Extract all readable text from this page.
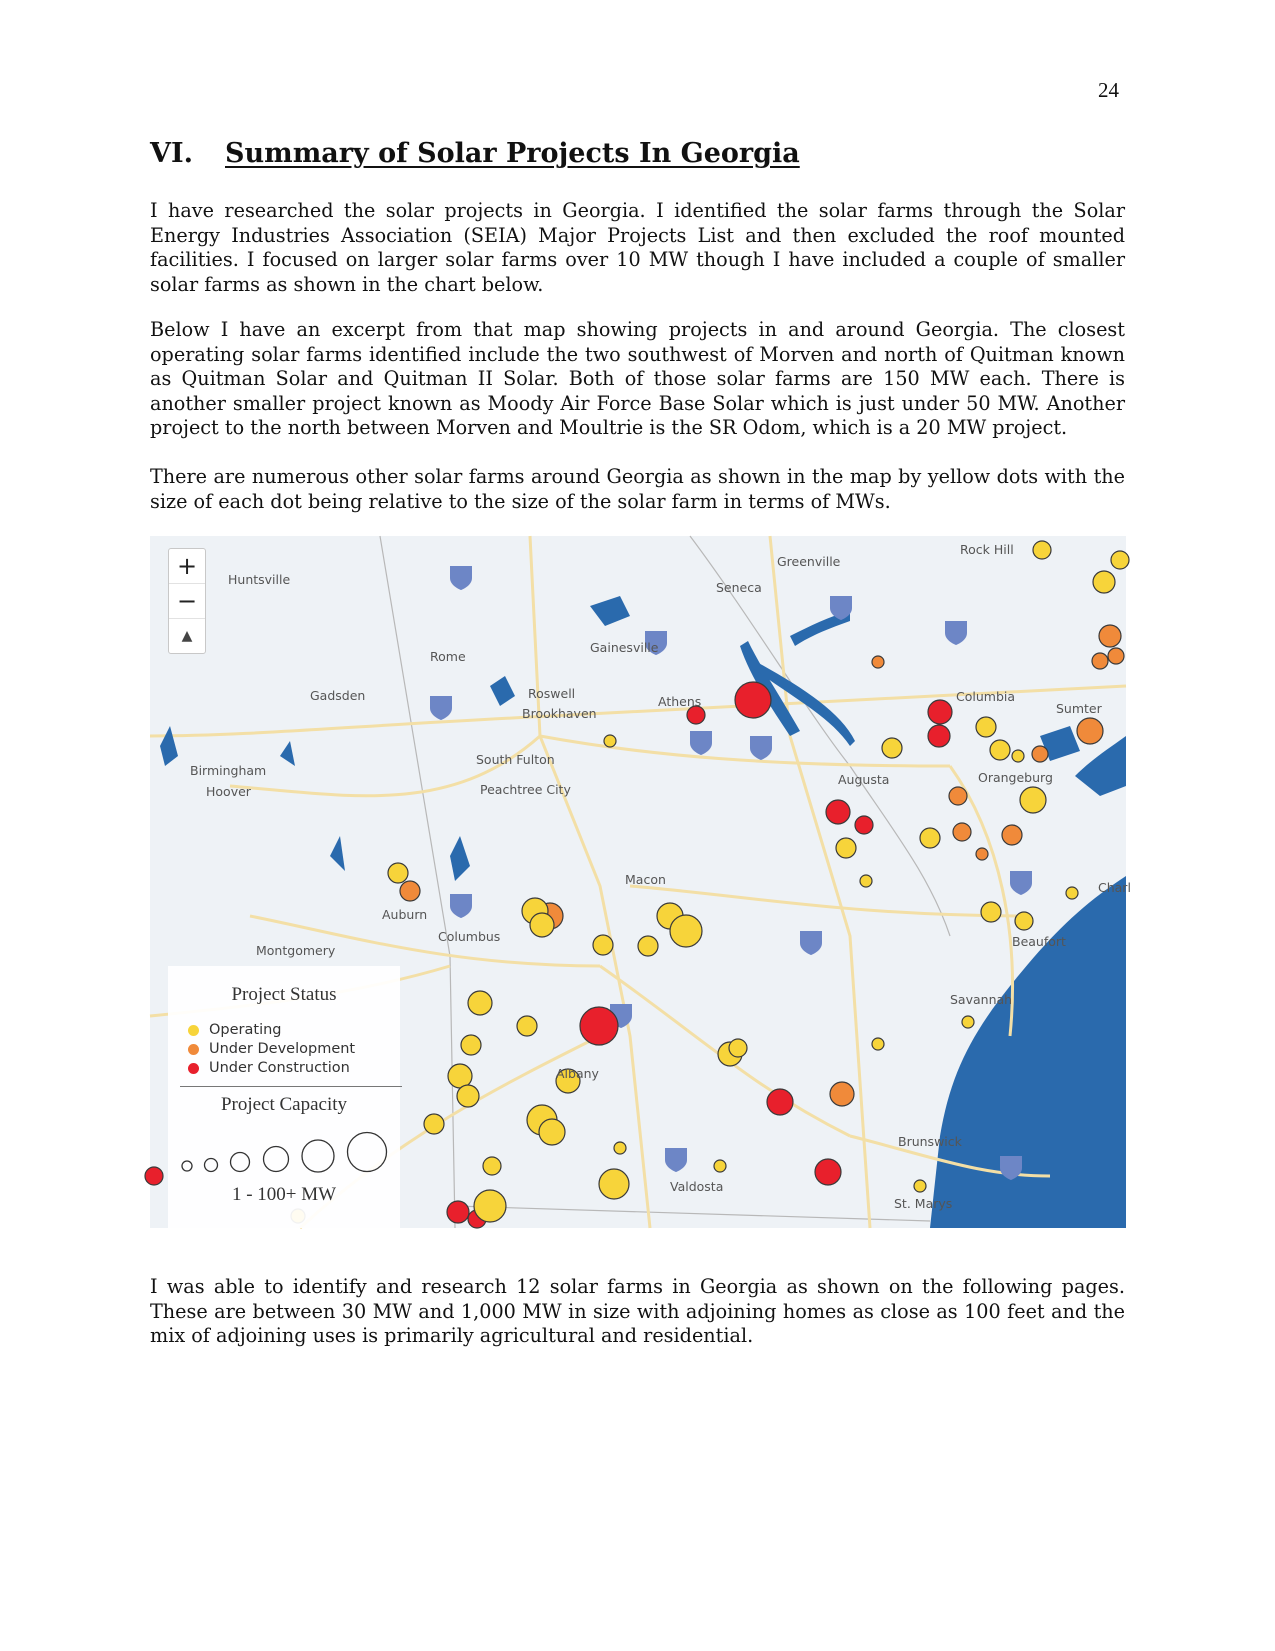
24
VI.	Summary of Solar Projects In Georgia

I have researched the solar projects in Georgia. I identified the solar farms through the Solar Energy Industries Association (SEIA) Major Projects List and then excluded the roof mounted facilities. I focused on larger solar farms over 10 MW though I have included a couple of smaller solar farms as shown in the chart below.

Below I have an excerpt from that map showing projects in and around Georgia. The closest operating solar farms identified include the two southwest of Morven and north of Quitman known as Quitman Solar and Quitman II Solar. Both of those solar farms are 150 MW each. There is another smaller project known as Moody Air Force Base Solar which is just under 50 MW. Another project to the north between Morven and Moultrie is the SR Odom, which is a 20 MW project.

There are numerous other solar farms around Georgia as shown in the map by yellow dots with the size of each dot being relative to the size of the solar farm in terms of MWs.

Huntsville
Greenville
Rock Hill
Seneca
Rome
Gainesville
Gadsden	Roswell
Brookhaven
Athens	Columbia
Sumter
South Fulton
Peachtree City
Birmingham
Hoover
Augusta	Orangeburg
Macon
Auburn
Columbus
Montgomery
Savannah
Beaufort
Albany
Valdosta
Brunswick
St. Marys
Charl
+
−
▲
Project Status
Operating
Under Development
Under Construction
Project Capacity
1 - 100+ MW

I was able to identify and research 12 solar farms in Georgia as shown on the following pages. These are between 30 MW and 1,000 MW in size with adjoining homes as close as 100 feet and the mix of adjoining uses is primarily agricultural and residential.
